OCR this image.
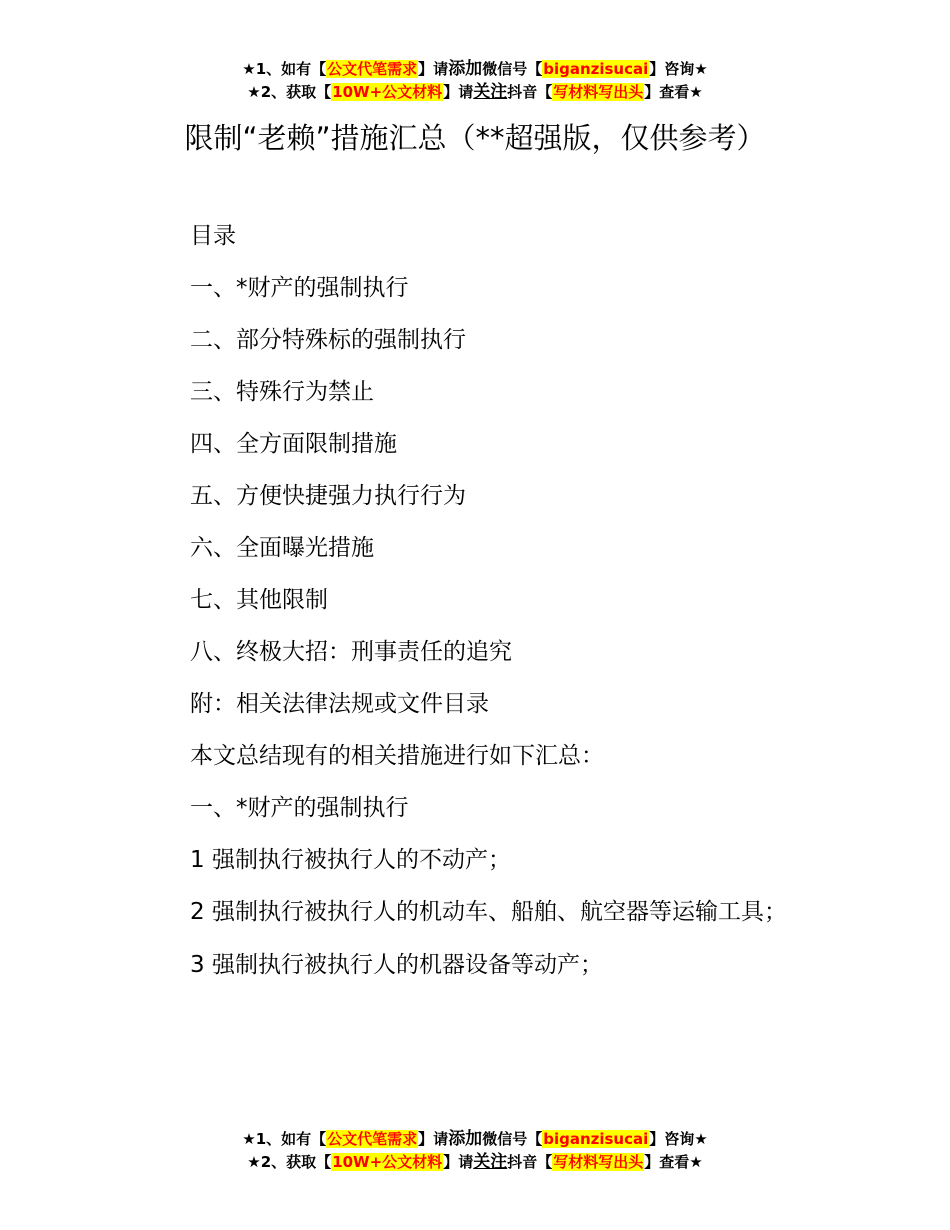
★1、如有【公文代笔需求】请添加微信号【biganzisucai】咨询★
★2、获取【10W+公文材料】请关注抖音【写材料写出头】查看★
限制“老赖”措施汇总（**超强版，仅供参考）

目录

一、*财产的强制执行

二、部分特殊标的强制执行

三、特殊行为禁止

四、全方面限制措施

五、方便快捷强力执行行为

六、全面曝光措施

七、其他限制

八、终极大招：刑事责任的追究

附：相关法律法规或文件目录

本文总结现有的相关措施进行如下汇总：

一、*财产的强制执行

1 强制执行被执行人的不动产；

2 强制执行被执行人的机动车、船舶、航空器等运输工具；

3 强制执行被执行人的机器设备等动产；

★1、如有【公文代笔需求】请添加微信号【biganzisucai】咨询★
★2、获取【10W+公文材料】请关注抖音【写材料写出头】查看★
